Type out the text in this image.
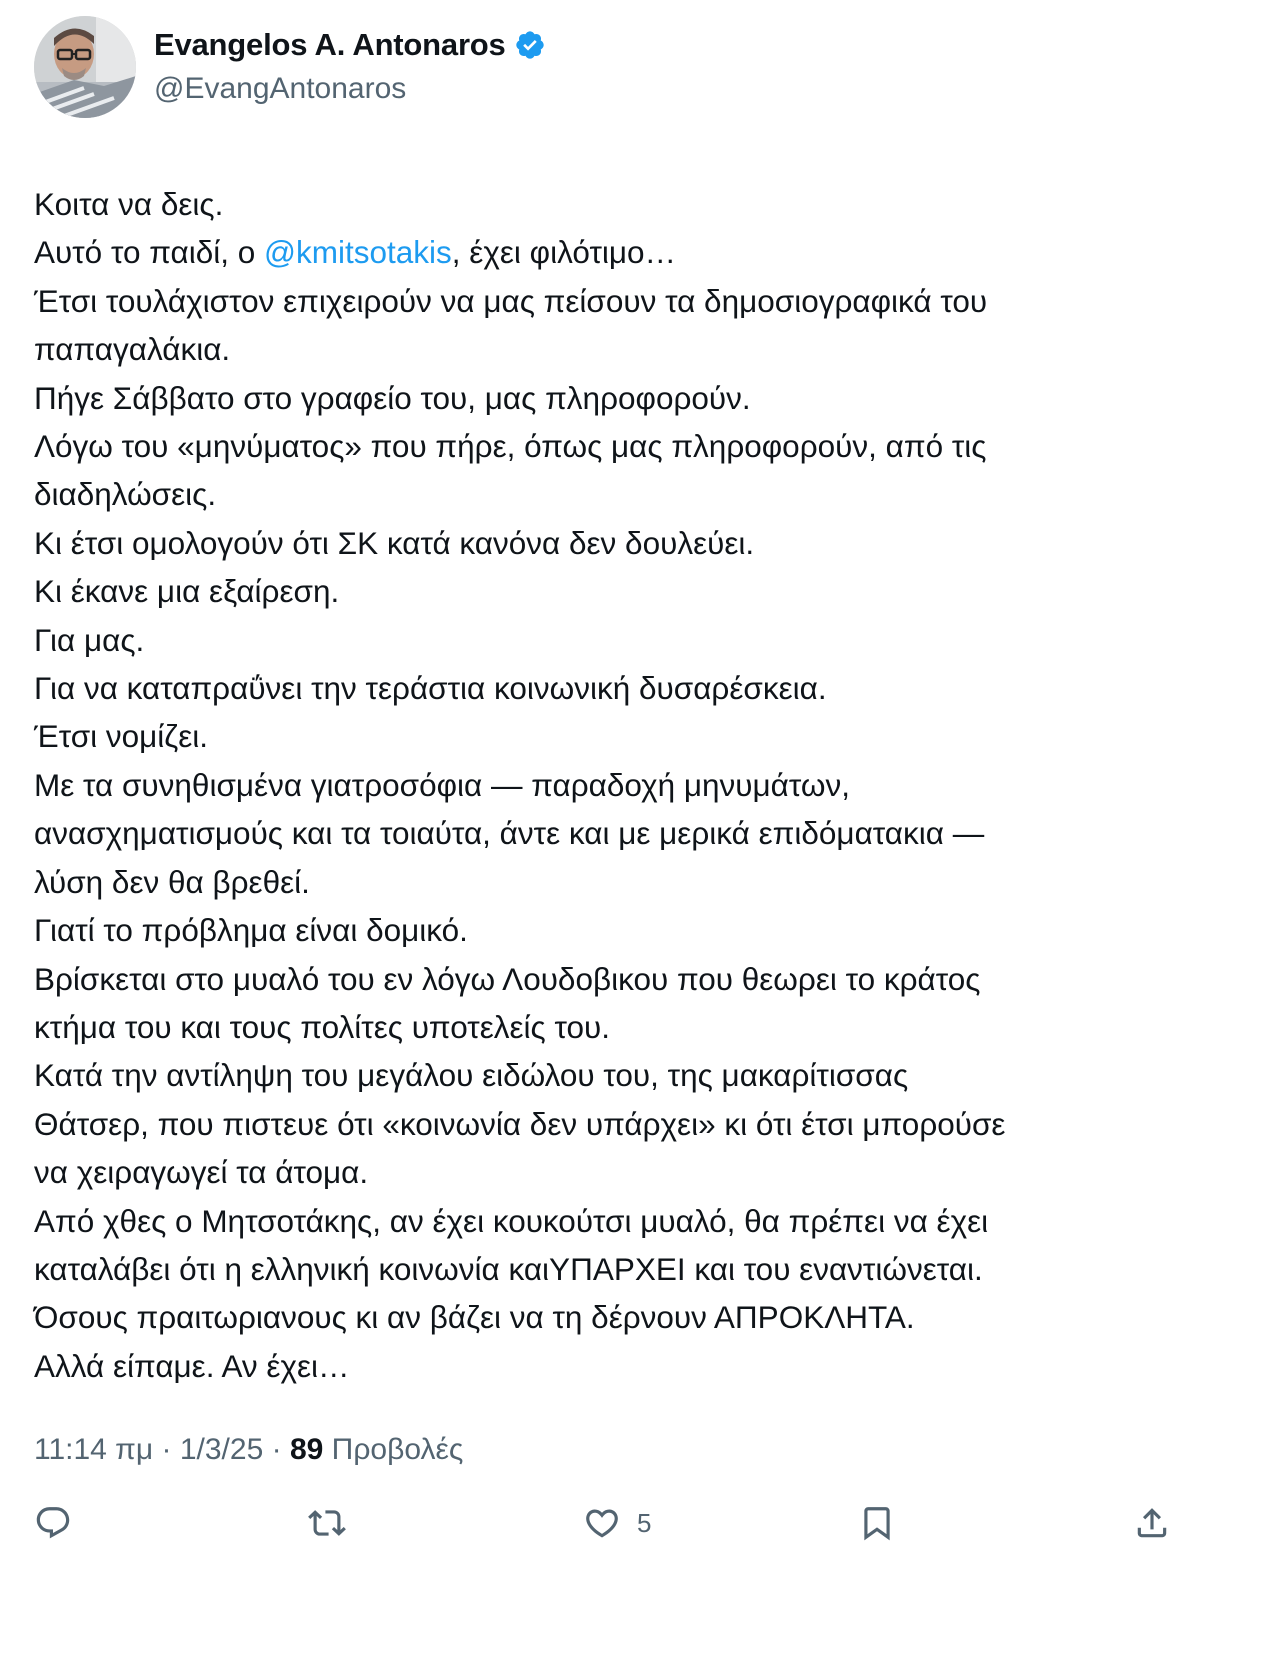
Evangelos A. Antonaros
@EvangAntonaros
Κοιτα να δεις.
Αυτό το παιδί, ο @kmitsotakis, έχει φιλότιμο…
Έτσι τουλάχιστον επιχειρούν να μας πείσουν τα δημοσιογραφικά του
παπαγαλάκια.
Πήγε Σάββατο στο γραφείο του, μας πληροφορούν.
Λόγω του «μηνύματος» που πήρε, όπως μας πληροφορούν, από τις
διαδηλώσεις.
Κι έτσι ομολογούν ότι ΣΚ κατά κανόνα δεν δουλεύει.
Κι έκανε μια εξαίρεση.
Για μας.
Για να καταπραΰνει την τεράστια κοινωνική δυσαρέσκεια.
Έτσι νομίζει.
Με τα συνηθισμένα γιατροσόφια — παραδοχή μηνυμάτων,
ανασχηματισμούς και τα τοιαύτα, άντε και με μερικά επιδόματακια —
λύση δεν θα βρεθεί.
Γιατί το πρόβλημα είναι δομικό.
Βρίσκεται στο μυαλό του εν λόγω Λουδοβικου που θεωρει το κράτος
κτήμα του και τους πολίτες υποτελείς του.
Κατά την αντίληψη του μεγάλου ειδώλου του, της μακαρίτισσας
Θάτσερ, που πιστευε ότι «κοινωνία δεν υπάρχει» κι ότι έτσι μπορούσε
να χειραγωγεί τα άτομα.
Από χθες ο Μητσοτάκης, αν έχει κουκούτσι μυαλό, θα πρέπει να έχει
καταλάβει ότι η ελληνική κοινωνία καιΥΠΑΡΧΕΙ και του εναντιώνεται.
Όσους πραιτωριανους κι αν βάζει να τη δέρνουν ΑΠΡΟΚΛΗΤΑ.
Αλλά είπαμε. Αν έχει…
11:14 πμ · 1/3/25 · 89 Προβολές
5
